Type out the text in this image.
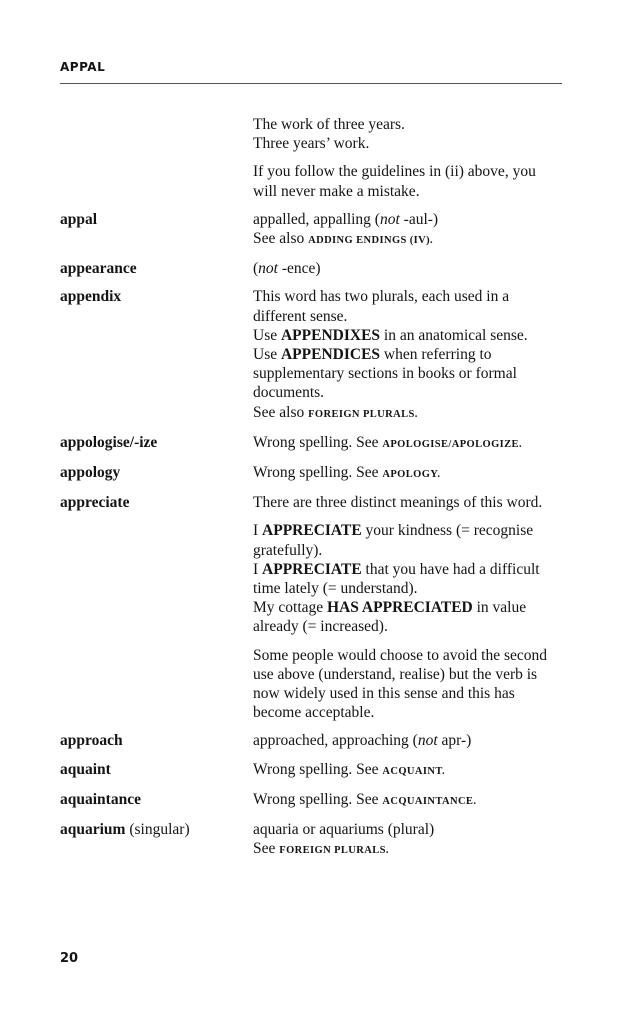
APPAL

The work of three years.
Three years’ work.

If you follow the guidelines in (ii) above, you will never make a mistake.

appal	appalled, appalling (not -aul-)
See also ADDING ENDINGS (IV).

appearance	(not -ence)

appendix	This word has two plurals, each used in a different sense.
Use APPENDIXES in an anatomical sense.
Use APPENDICES when referring to supplementary sections in books or formal documents.
See also FOREIGN PLURALS.

appologise/-ize	Wrong spelling. See APOLOGISE/APOLOGIZE.

appology	Wrong spelling. See APOLOGY.

appreciate	There are three distinct meanings of this word.

I APPRECIATE your kindness (= recognise gratefully).
I APPRECIATE that you have had a difficult time lately (= understand).
My cottage HAS APPRECIATED in value already (= increased).

Some people would choose to avoid the second use above (understand, realise) but the verb is now widely used in this sense and this has become acceptable.

approach	approached, approaching (not apr-)

aquaint	Wrong spelling. See ACQUAINT.

aquaintance	Wrong spelling. See ACQUAINTANCE.

aquarium (singular)	aquaria or aquariums (plural)
See FOREIGN PLURALS.

20
